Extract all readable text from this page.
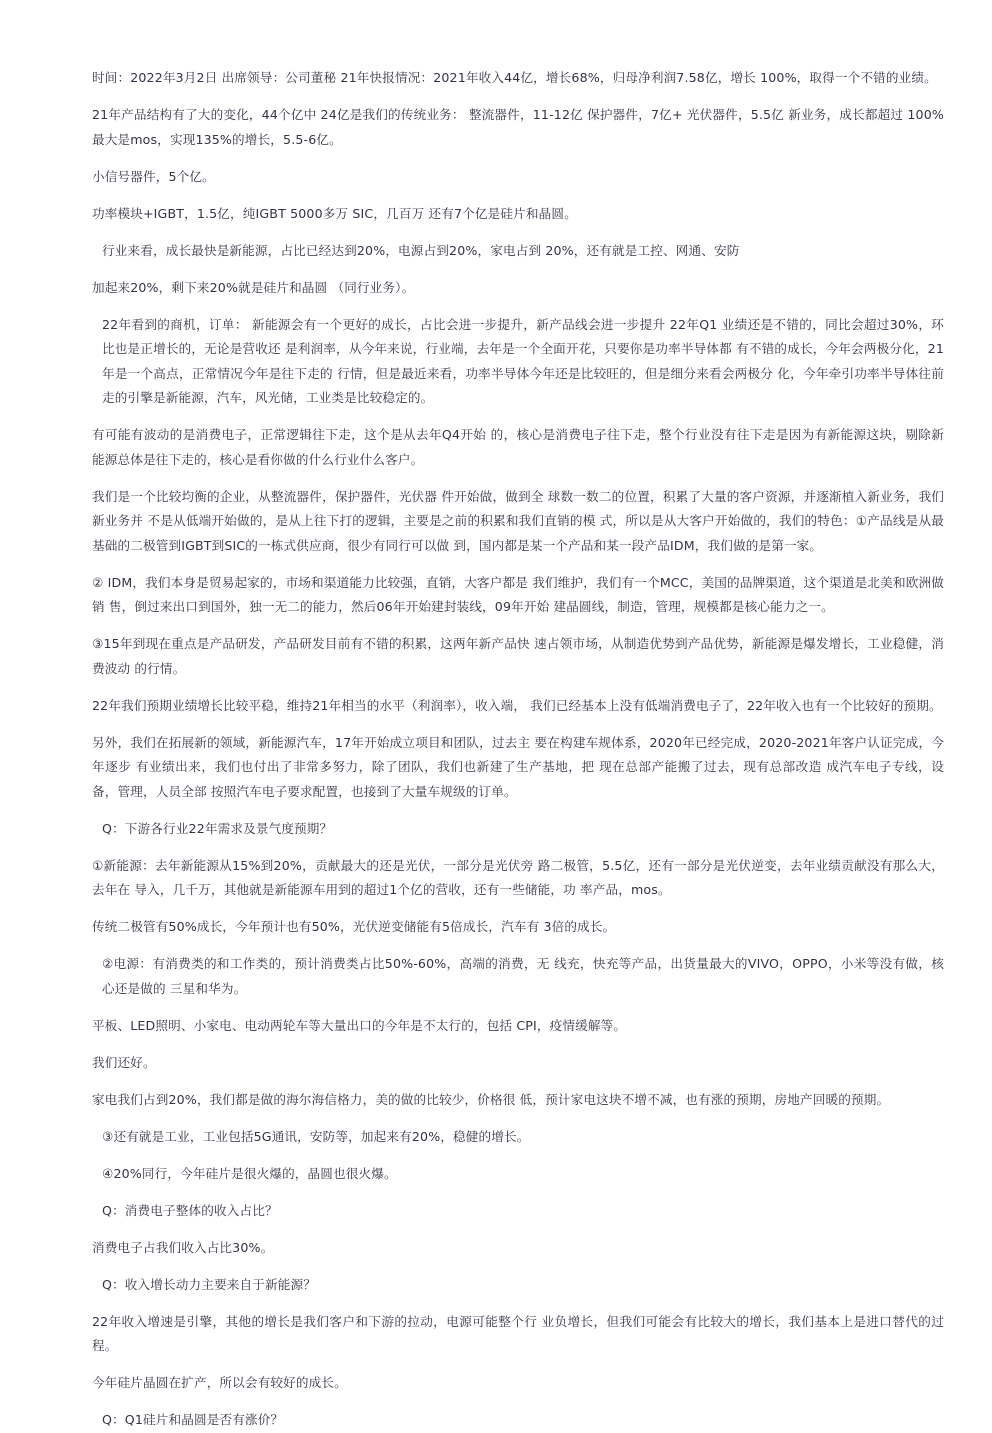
时间：2022年3月2日 出席领导：公司董秘 21年快报情况：2021年收入44亿，增长68%，归母净利润7.58亿，增长 100%，取得一个不错的业绩。

21年产品结构有了大的变化，44个亿中 24亿是我们的传统业务： 整流器件，11-12亿 保护器件，7亿+ 光伏器件，5.5亿 新业务，成长都超过 100% 最大是mos，实现135%的增长，5.5-6亿。

小信号器件，5个亿。

功率模块+IGBT，1.5亿，纯IGBT 5000多万 SIC，几百万 还有7个亿是硅片和晶圆。

行业来看，成长最快是新能源，占比已经达到20%，电源占到20%，家电占到 20%，还有就是工控、网通、安防

加起来20%，剩下来20%就是硅片和晶圆 （同行业务）。

22年看到的商机，订单： 新能源会有一个更好的成长，占比会进一步提升，新产品线会进一步提升 22年Q1 业绩还是不错的，同比会超过30%，环比也是正增长的，无论是营收还 是利润率，从今年来说，行业端，去年是一个全面开花，只要你是功率半导体都 有不错的成长，今年会两极分化，21年是一个高点，正常情况今年是往下走的 行情，但是最近来看，功率半导体今年还是比较旺的，但是细分来看会两极分 化，今年牵引功率半导体往前走的引擎是新能源，汽车，风光储，工业类是比较稳定的。

有可能有波动的是消费电子，正常逻辑往下走，这个是从去年Q4开始 的，核心是消费电子往下走，整个行业没有往下走是因为有新能源这块，剔除新 能源总体是往下走的，核心是看你做的什么行业什么客户。

我们是一个比较均衡的企业，从整流器件，保护器件，光伏器 件开始做，做到全 球数一数二的位置，积累了大量的客户资源，并逐渐植入新业务，我们新业务并 不是从低端开始做的，是从上往下打的逻辑，主要是之前的积累和我们直销的模 式，所以是从大客户开始做的，我们的特色：①产品线是从最基础的二极管到IGBT到SIC的一栋式供应商，很少有同行可以做 到，国内都是某一个产品和某一段产品IDM，我们做的是第一家。

② IDM，我们本身是贸易起家的，市场和渠道能力比较强，直销，大客户都是 我们维护，我们有一个MCC，美国的品牌渠道，这个渠道是北美和欧洲做销 售，倒过来出口到国外，独一无二的能力，然后06年开始建封装线，09年开始 建晶圆线，制造，管理，规模都是核心能力之一。

③15年到现在重点是产品研发，产品研发目前有不错的积累，这两年新产品快 速占领市场，从制造优势到产品优势，新能源是爆发增长，工业稳健，消费波动 的行情。

22年我们预期业绩增长比较平稳，维持21年相当的水平（利润率），收入端， 我们已经基本上没有低端消费电子了，22年收入也有一个比较好的预期。

另外，我们在拓展新的领域，新能源汽车，17年开始成立项目和团队，过去主 要在构建车规体系，2020年已经完成，2020-2021年客户认证完成，今年逐步 有业绩出来，我们也付出了非常多努力，除了团队，我们也新建了生产基地，把 现在总部产能搬了过去，现有总部改造 成汽车电子专线，设备，管理，人员全部 按照汽车电子要求配置，也接到了大量车规级的订单。

Q：下游各行业22年需求及景气度预期？

①新能源：去年新能源从15%到20%，贡献最大的还是光伏，一部分是光伏旁 路二极管，5.5亿，还有一部分是光伏逆变，去年业绩贡献没有那么大，去年在 导入，几千万，其他就是新能源车用到的超过1个亿的营收，还有一些储能，功 率产品，mos。

传统二极管有50%成长，今年预计也有50%，光伏逆变储能有5倍成长，汽车有 3倍的成长。

②电源：有消费类的和工作类的，预计消费类占比50%-60%，高端的消费，无 线充，快充等产品，出货量最大的VIVO，OPPO，小米等没有做，核心还是做的 三星和华为。

平板、LED照明、小家电、电动两轮车等大量出口的今年是不太行的，包括 CPI，疫情缓解等。

我们还好。

家电我们占到20%，我们都是做的海尔海信格力，美的做的比较少，价格很 低，预计家电这块不增不减，也有涨的预期，房地产回暖的预期。

③还有就是工业，工业包括5G通讯，安防等，加起来有20%，稳健的增长。

④20%同行，今年硅片是很火爆的，晶圆也很火爆。

Q：消费电子整体的收入占比？

消费电子占我们收入占比30%。

Q：收入增长动力主要来自于新能源？

22年收入增速是引擎，其他的增长是我们客户和下游的拉动，电源可能整个行 业负增长，但我们可能会有比较大的增长，我们基本上是进口替代的过程。

今年硅片晶圆在扩产，所以会有较好的成长。

Q：Q1硅片和晶圆是否有涨价？
